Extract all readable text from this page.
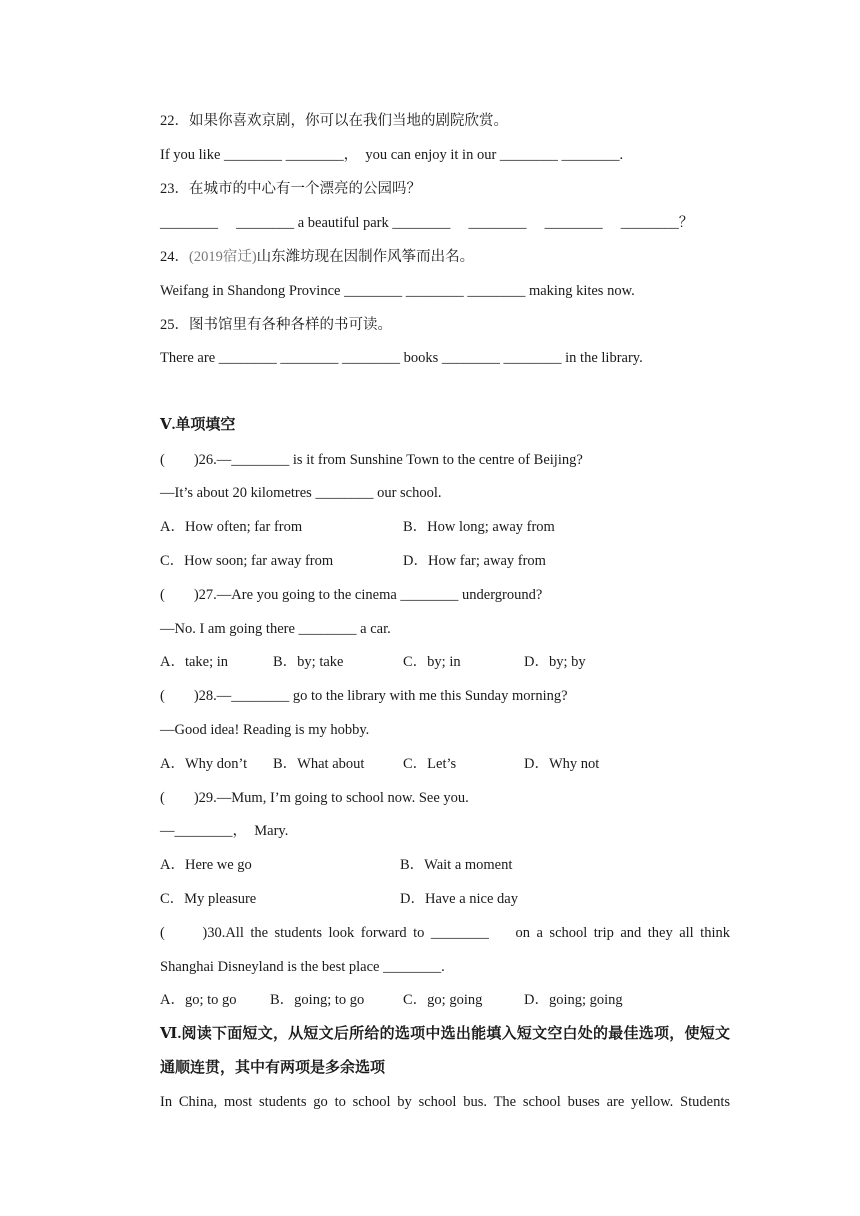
22．如果你喜欢京剧，你可以在我们当地的剧院欣赏。
If you like ________ ________，　you can enjoy it in our ________ ________.
23．在城市的中心有一个漂亮的公园吗？
________　 ________ a beautiful park ________　 ________　 ________　 ________？
24．(2019宿迁)山东潍坊现在因制作风筝而出名。
Weifang in Shandong Province ________ ________ ________ making kites now.
25．图书馆里有各种各样的书可读。
There are ________ ________ ________ books ________ ________ in the library.
Ⅴ.单项填空
(　　)26.—________ is it from Sunshine Town to the centre of Beijing?
—It’s about 20 kilometres ________ our school.
A．How often; far from	B．How long; away from
C．How soon; far away from	D．How far; away from
(　　)27.—Are you going to the cinema ________ underground?
—No. I am going there ________ a car.
A．take; in	B．by; take	C．by; in	D．by; by
(　　)28.—________ go to the library with me this Sunday morning?
—Good idea! Reading is my hobby.
A．Why don’t B．What about	C．Let’s	D．Why not
(　　)29.—Mum, I’m going to school now. See you.
—________，　Mary.
A．Here we go	B．Wait a moment
C．My pleasure	D．Have a nice day
(　　)30.All the students look forward to ________　 on a school trip and they all think
Shanghai Disneyland is the best place ________.
A．go; to go B．going; to go	C．go; going	D．going; going
Ⅵ.阅读下面短文，从短文后所给的选项中选出能填入短文空白处的最佳选项，使短文
通顺连贯，其中有两项是多余选项
In China, most students go to school by school bus. The school buses are yellow. Students
